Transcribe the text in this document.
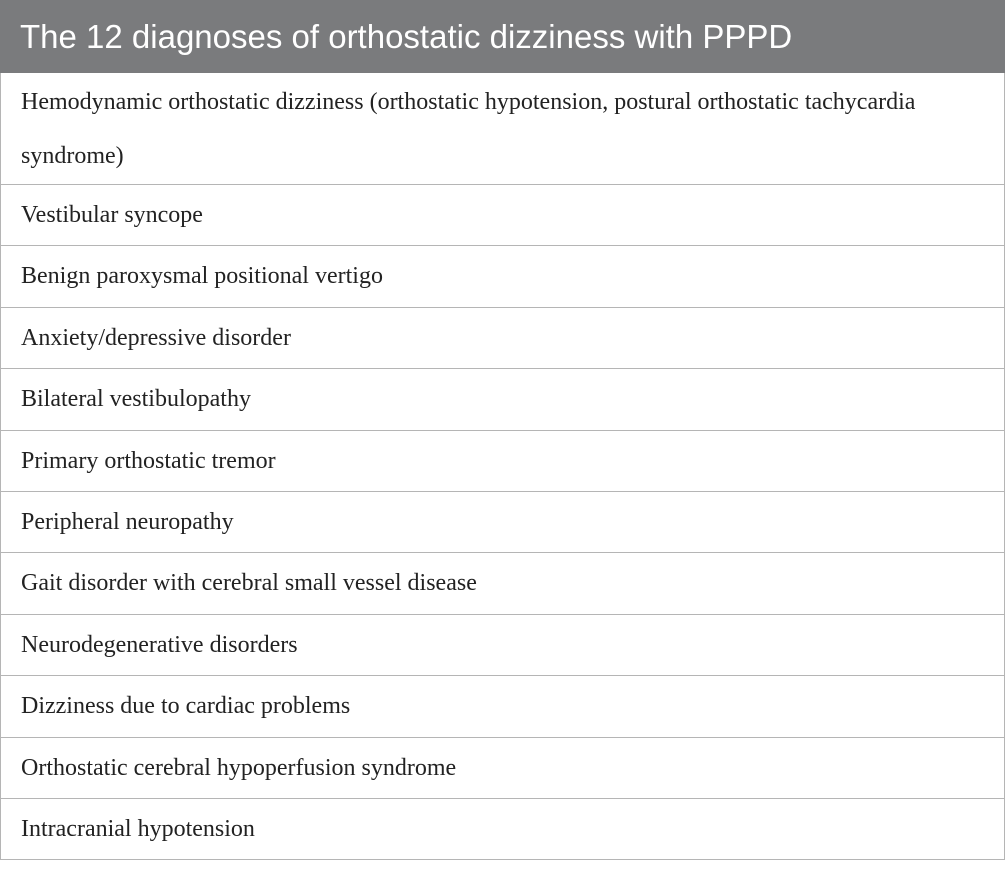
The 12 diagnoses of orthostatic dizziness with PPPD
Hemodynamic orthostatic dizziness (orthostatic hypotension, postural orthostatic tachycardia syndrome)
Vestibular syncope
Benign paroxysmal positional vertigo
Anxiety/depressive disorder
Bilateral vestibulopathy
Primary orthostatic tremor
Peripheral neuropathy
Gait disorder with cerebral small vessel disease
Neurodegenerative disorders
Dizziness due to cardiac problems
Orthostatic cerebral hypoperfusion syndrome
Intracranial hypotension
